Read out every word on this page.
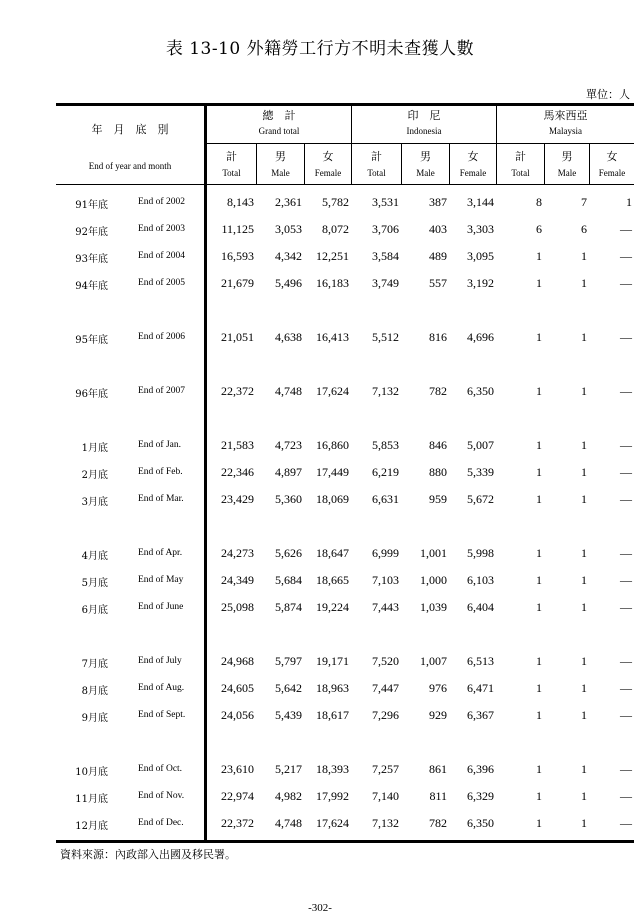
表 13-10 外籍勞工行方不明未查獲人數
單位：人
年　月　底　別
End of year and month
總　計
Grand total
印　尼
Indonesia
馬來西亞
Malaysia
計
Total
男
Male
女
Female
計
Total
男
Male
女
Female
計
Total
男
Male
女
Female
91年底	End of 2002	8,143	2,361	5,782	3,531	387	3,144	8	7	1
92年底	End of 2003	11,125	3,053	8,072	3,706	403	3,303	6	6	—
93年底	End of 2004	16,593	4,342	12,251	3,584	489	3,095	1	1	—
94年底	End of 2005	21,679	5,496	16,183	3,749	557	3,192	1	1	—
95年底	End of 2006	21,051	4,638	16,413	5,512	816	4,696	1	1	—
96年底	End of 2007	22,372	4,748	17,624	7,132	782	6,350	1	1	—
1月底	End of Jan.	21,583	4,723	16,860	5,853	846	5,007	1	1	—
2月底	End of Feb.	22,346	4,897	17,449	6,219	880	5,339	1	1	—
3月底	End of Mar.	23,429	5,360	18,069	6,631	959	5,672	1	1	—
4月底	End of Apr.	24,273	5,626	18,647	6,999	1,001	5,998	1	1	—
5月底	End of May	24,349	5,684	18,665	7,103	1,000	6,103	1	1	—
6月底	End of June	25,098	5,874	19,224	7,443	1,039	6,404	1	1	—
7月底	End of July	24,968	5,797	19,171	7,520	1,007	6,513	1	1	—
8月底	End of Aug.	24,605	5,642	18,963	7,447	976	6,471	1	1	—
9月底	End of Sept.	24,056	5,439	18,617	7,296	929	6,367	1	1	—
10月底	End of Oct.	23,610	5,217	18,393	7,257	861	6,396	1	1	—
11月底	End of Nov.	22,974	4,982	17,992	7,140	811	6,329	1	1	—
12月底	End of Dec.	22,372	4,748	17,624	7,132	782	6,350	1	1	—
資料來源：內政部入出國及移民署。
-302-
